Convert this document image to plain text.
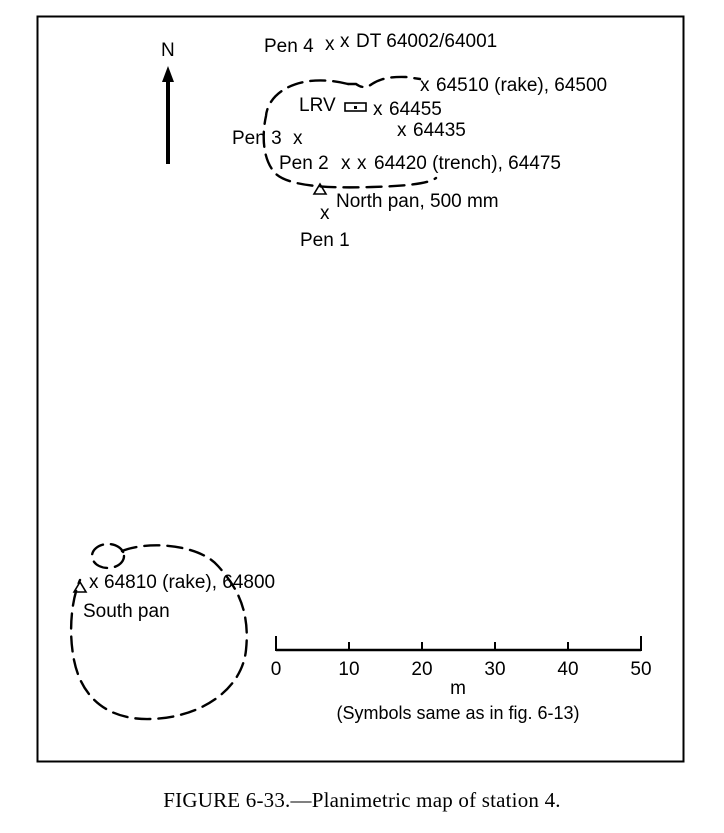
N	Pen 4 x x DT 64002/64001
x 64510 (rake), 64500
LRV x 64455
x 64435
Pen 3 x
Pen 2 x x 64420 (trench), 64475
North pan, 500 mm
x
Pen 1
x 64810 (rake), 64800
South pan
0	10	20	30	40	50
m
(Symbols same as in fig. 6-13)
FIGURE 6-33.—Planimetric map of station 4.
